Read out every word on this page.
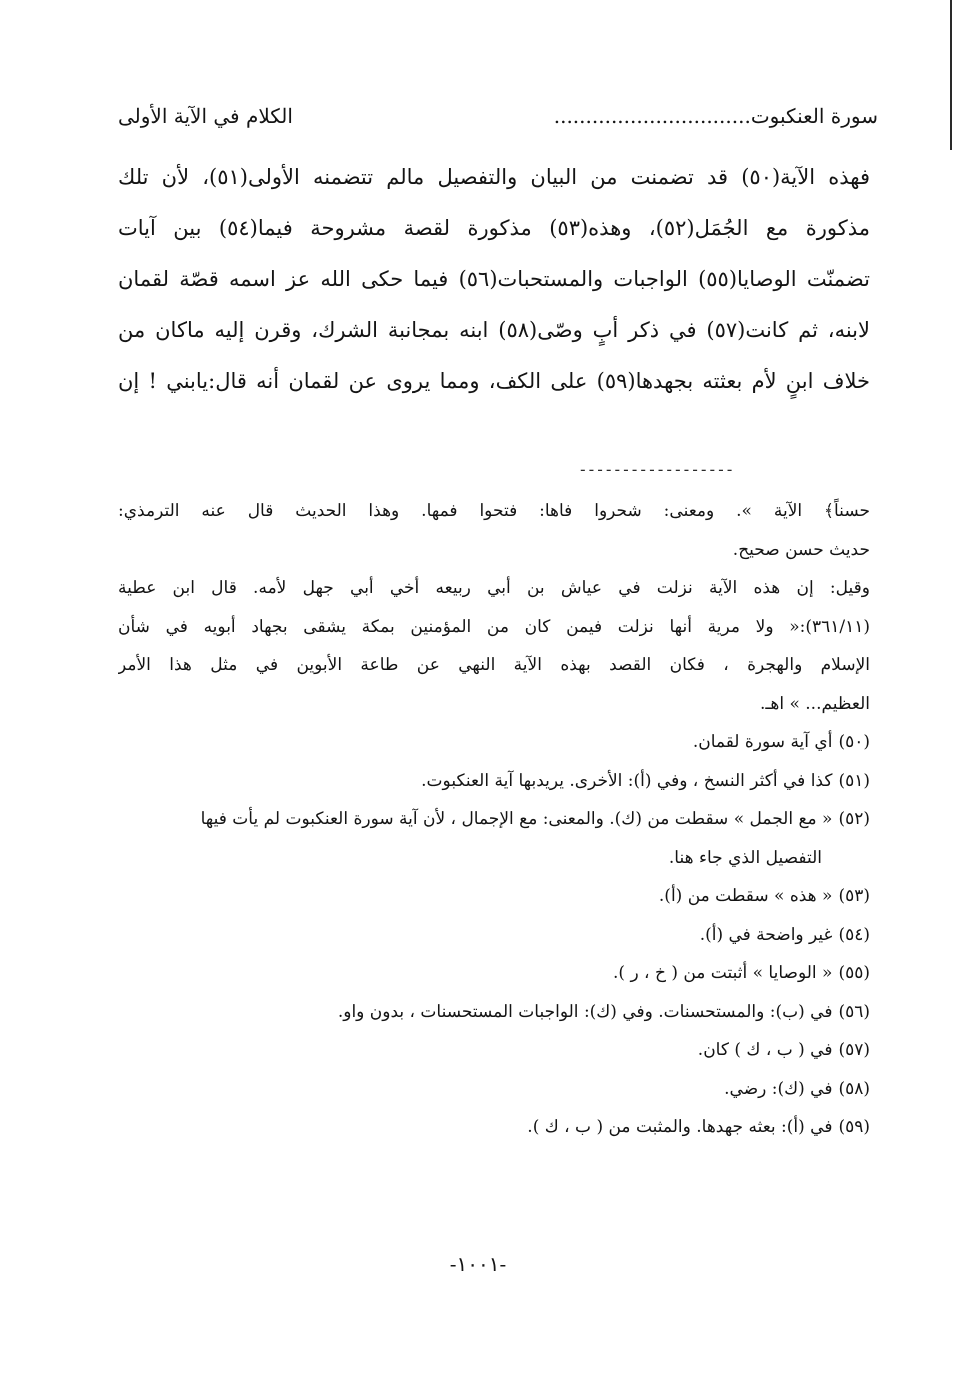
سورة العنكبوت...............................
الكلام في الآية الأولى
فهذه الآية(٥٠) قد تضمنت من البيان والتفصيل مالم تتضمنه الأولى(٥١)، لأن تلك
مذكورة مع الجُمَل(٥٢)، وهذه(٥٣) مذكورة لقصة مشروحة فيما(٥٤) بين آيات
تضمنّت الوصايا(٥٥) الواجبات والمستحبات(٥٦) فيما حكى الله عز اسمه قصّة لقمان
لابنه، ثم كانت(٥٧) في ذكر أبٍ وصّى(٥٨) ابنه بمجانبة الشرك، وقرن إليه ماكان من
خلاف ابنٍ لأم بعثته بجهدها(٥٩) على الكف، ومما يروى عن لقمان أنه قال:يابني ! إن
------------------
حسناً﴾ الآية ». ومعنى: شحروا فاها: فتحوا فمها. وهذا الحديث قال عنه الترمذي:
حديث حسن صحيح.
وقيل: إن هذه الآية نزلت في عياش بن أبي ربيعه أخي أبي جهل لأمه. قال ابن عطية
(٣٦١/١١):« ولا مرية أنها نزلت فيمن كان من المؤمنين بمكة يشقى بجهاد أبويه في شأن
الإسلام والهجرة ، فكان القصد بهذه الآية النهي عن طاعة الأبوين في مثل هذا الأمر
العظيم... » اهـ.
(٥٠)أي آية سورة لقمان.
(٥١)كذا في أكثر النسخ ، وفي (أ): الأخرى. يريدبها آية العنكبوت.
(٥٢)« مع الجمل » سقطت من (ك). والمعنى: مع الإجمال ، لأن آية سورة العنكبوت لم يأت فيها
التفصيل الذي جاء هنا.
(٥٣)« هذه » سقطت من (أ).
(٥٤)غير واضحة في (أ).
(٥٥)« الوصايا » أثبتت من ( خ ، ر ).
(٥٦)في (ب): والمستحسنات. وفي (ك): الواجبات المستحسنات ، بدون واو.
(٥٧)في ( ب ، ك ) كان.
(٥٨)في (ك): رضي.
(٥٩)في (أ): بعثه جهدها. والمثبت من ( ب ، ك ).
-١٠٠١-
